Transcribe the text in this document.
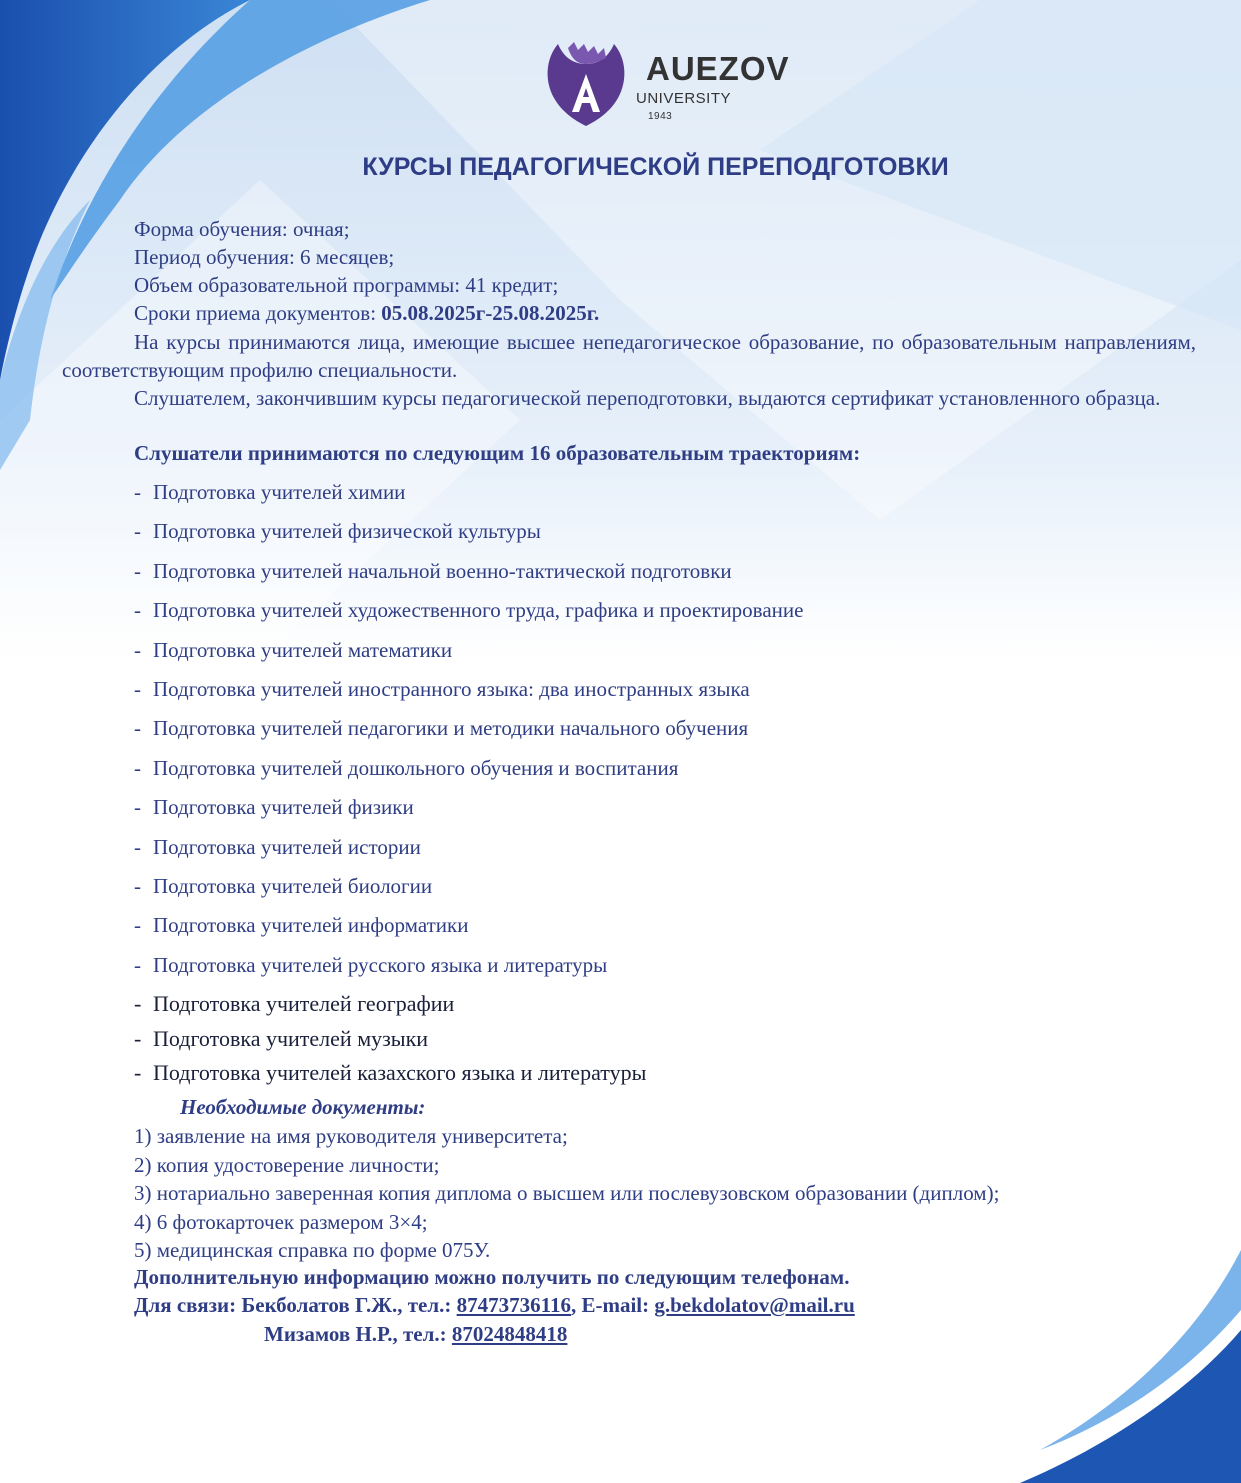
AUEZOV
UNIVERSITY
1943
КУРСЫ ПЕДАГОГИЧЕСКОЙ ПЕРЕПОДГОТОВКИ
Форма обучения: очная;
Период обучения: 6 месяцев;
Объем образовательной программы: 41 кредит;
Сроки приема документов: 05.08.2025г-25.08.2025г.
На курсы принимаются лица, имеющие высшее непедагогическое образование, по образовательным направлениям, соответствующим профилю специальности.
Слушателем, закончившим курсы педагогической переподготовки, выдаются сертификат установленного образца.
Слушатели принимаются по следующим 16 образовательным траекториям:
- Подготовка учителей химии
- Подготовка учителей физической культуры
- Подготовка учителей начальной военно-тактической подготовки
- Подготовка учителей художественного труда, графика и проектирование
- Подготовка учителей математики
- Подготовка учителей иностранного языка: два иностранных языка
- Подготовка учителей педагогики и методики начального обучения
- Подготовка учителей дошкольного обучения и воспитания
- Подготовка учителей физики
- Подготовка учителей истории
- Подготовка учителей биологии
- Подготовка учителей информатики
- Подготовка учителей русского языка и литературы
- Подготовка учителей географии
- Подготовка учителей музыки
- Подготовка учителей казахского языка и литературы
Необходимые документы:
1) заявление на имя руководителя университета;
2) копия удостоверение личности;
3) нотариально заверенная копия диплома о высшем или послевузовском образовании (диплом);
4) 6 фотокарточек размером 3×4;
5) медицинская справка по форме 075У.
Дополнительную информацию можно получить по следующим телефонам.
Для связи: Бекболатов Г.Ж., тел.: 87473736116, E-mail: g.bekdolatov@mail.ru
Мизамов Н.Р., тел.: 87024848418
